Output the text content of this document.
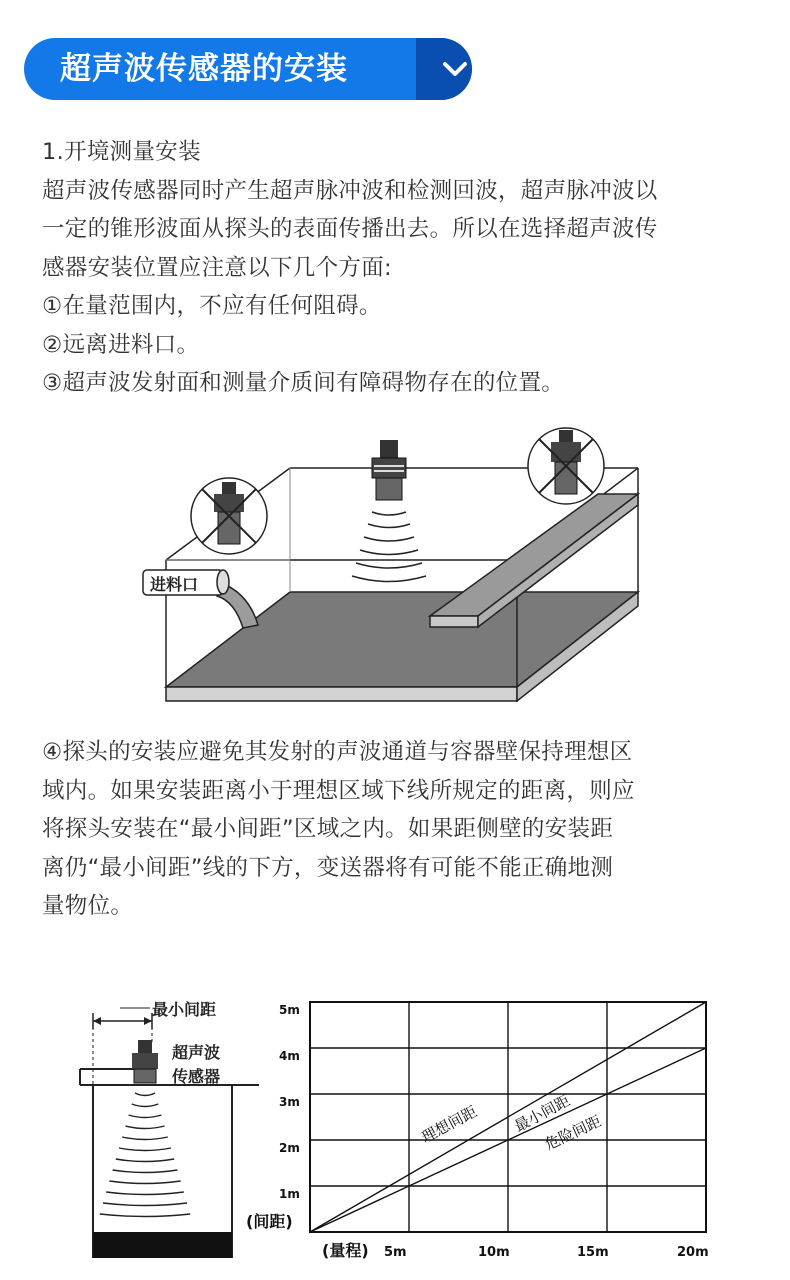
超声波传感器的安装
1.开境测量安装
超声波传感器同时产生超声脉冲波和检测回波，超声脉冲波以
一定的锥形波面从探头的表面传播出去。所以在选择超声波传
感器安装位置应注意以下几个方面:
①在量范围内，不应有任何阻碍。
②远离进料口。
③超声波发射面和测量介质间有障碍物存在的位置。
进料口
④探头的安装应避免其发射的声波通道与容器壁保持理想区
域内。如果安装距离小于理想区域下线所规定的距离，则应
将探头安装在“最小间距”区域之内。如果距侧壁的安装距
离仍“最小间距”线的下方，变送器将有可能不能正确地测
量物位。
最小间距
超声波
传感器
5m
4m
3m
2m
1m
(间距)
(量程) 5m	10m	15m	20m
理想间距 最小间距
危险间距
